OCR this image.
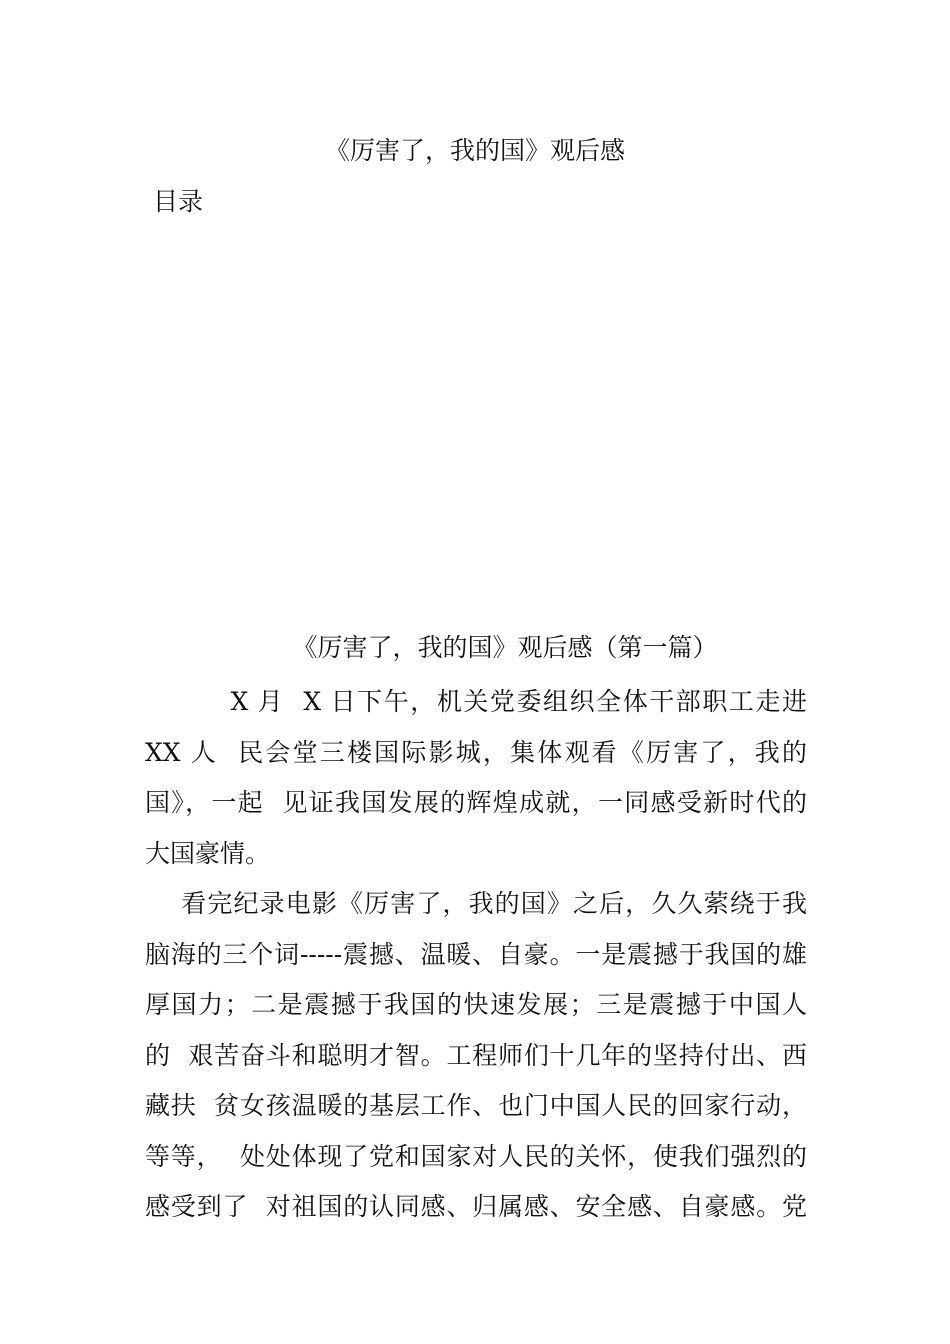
《厉害了，我的国》观后感
目录
《厉害了，我的国》观后感（第一篇）

X 月  X 日下午，机关党委组织全体干部职工走进
XX 人  民会堂三楼国际影城，集体观看《厉害了，我的
国》，一起  见证我国发展的辉煌成就，一同感受新时代的
大国豪情。

看完纪录电影《厉害了，我的国》之后，久久萦绕于我
脑海的三个词-----震撼、温暖、自豪。一是震撼于我国的雄
厚国力；二是震撼于我国的快速发展；三是震撼于中国人
的  艰苦奋斗和聪明才智。工程师们十几年的坚持付出、西
藏扶  贫女孩温暖的基层工作、也门中国人民的回家行动，
等等，  处处体现了党和国家对人民的关怀，使我们强烈的
感受到了  对祖国的认同感、归属感、安全感、自豪感。党
